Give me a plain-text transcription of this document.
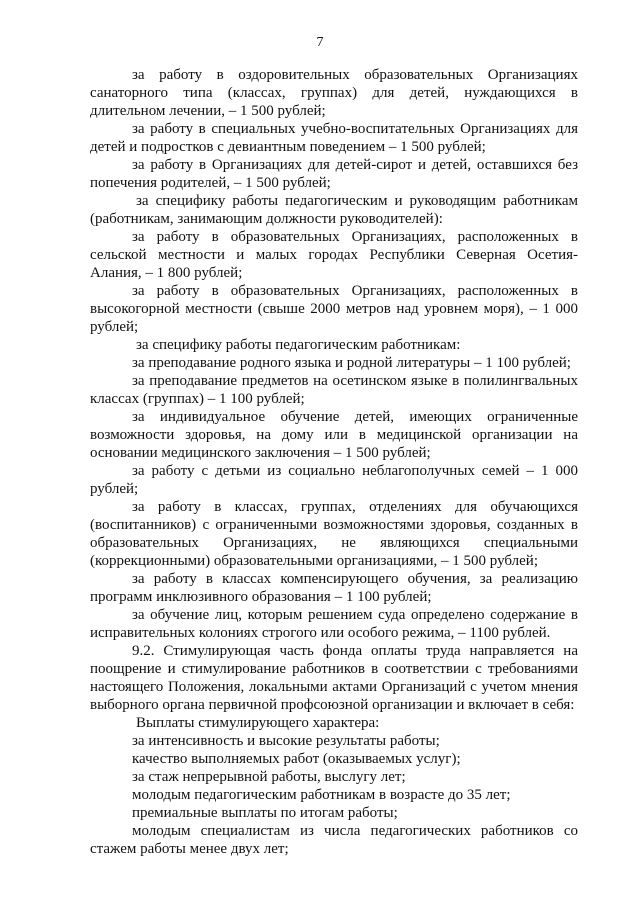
7
за работу в оздоровительных образовательных Организациях
санаторного типа (классах, группах) для детей, нуждающихся в
длительном лечении, – 1 500 рублей;
за работу в специальных учебно-воспитательных Организациях для
детей и подростков с девиантным поведением – 1 500 рублей;
за работу в Организациях для детей-сирот и детей, оставшихся без
попечения родителей, – 1 500 рублей;
за специфику работы педагогическим и руководящим работникам
(работникам, занимающим должности руководителей):
за работу в образовательных Организациях, расположенных в
сельской местности и малых городах Республики Северная Осетия-
Алания, – 1 800 рублей;
за работу в образовательных Организациях, расположенных в
высокогорной местности (свыше 2000 метров над уровнем моря), – 1 000
рублей;
за специфику работы педагогическим работникам:
за преподавание родного языка и родной литературы – 1 100 рублей;
за преподавание предметов на осетинском языке в полилингвальных
классах (группах) – 1 100 рублей;
за индивидуальное обучение детей, имеющих ограниченные
возможности здоровья, на дому или в медицинской организации на
основании медицинского заключения – 1 500 рублей;
за работу с детьми из социально неблагополучных семей – 1 000
рублей;
за работу в классах, группах, отделениях для обучающихся
(воспитанников) с ограниченными возможностями здоровья, созданных в
образовательных Организациях, не являющихся специальными
(коррекционными) образовательными организациями, – 1 500 рублей;
за работу в классах компенсирующего обучения, за реализацию
программ инклюзивного образования – 1 100 рублей;
за обучение лиц, которым решением суда определено содержание в
исправительных колониях строгого или особого режима, – 1100 рублей.
9.2. Стимулирующая часть фонда оплаты труда направляется на
поощрение и стимулирование работников в соответствии с требованиями
настоящего Положения, локальными актами Организаций с учетом мнения
выборного органа первичной профсоюзной организации и включает в себя:
Выплаты стимулирующего характера:
за интенсивность и высокие результаты работы;
качество выполняемых работ (оказываемых услуг);
за стаж непрерывной работы, выслугу лет;
молодым педагогическим работникам в возрасте до 35 лет;
премиальные выплаты по итогам работы;
молодым специалистам из числа педагогических работников со
стажем работы менее двух лет;
